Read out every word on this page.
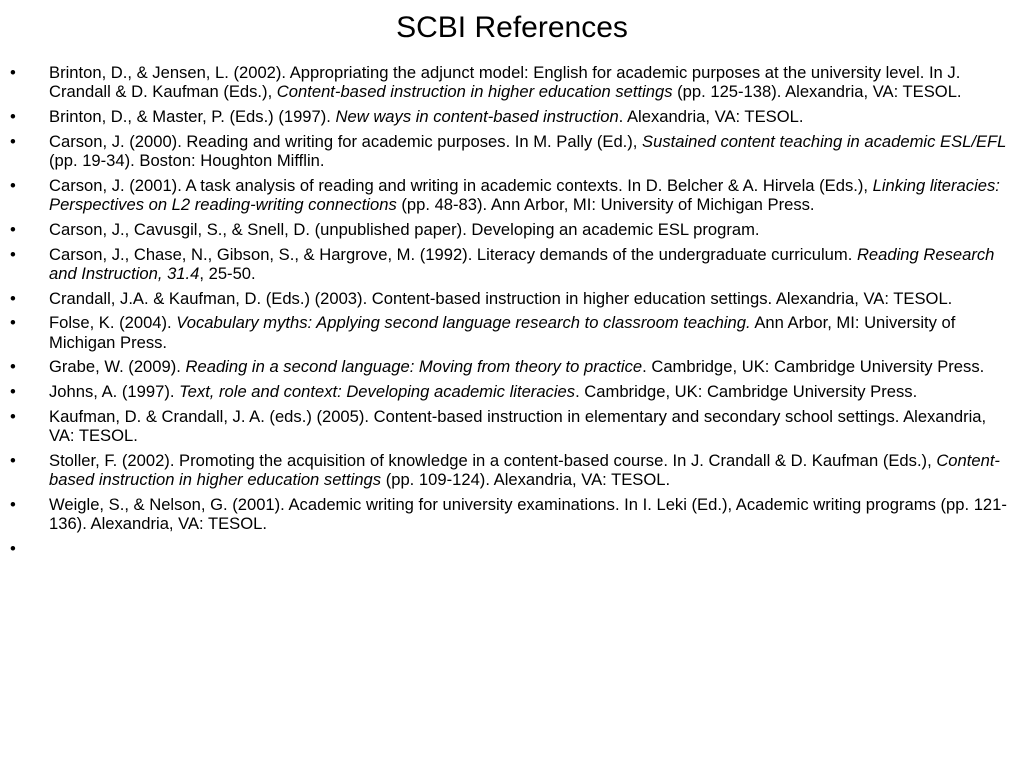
SCBI References
•	Brinton, D., & Jensen, L. (2002). Appropriating the adjunct model: English for academic purposes at the university level. In J. Crandall & D. Kaufman (Eds.), Content-based instruction in higher education settings (pp. 125-138). Alexandria, VA: TESOL.
•	Brinton, D., & Master, P. (Eds.) (1997). New ways in content-based instruction. Alexandria, VA: TESOL.
•	Carson, J. (2000). Reading and writing for academic purposes. In M. Pally (Ed.), Sustained content teaching in academic ESL/EFL (pp. 19-34). Boston: Houghton Mifflin.
•	Carson, J. (2001). A task analysis of reading and writing in academic contexts. In D. Belcher & A. Hirvela (Eds.), Linking literacies: Perspectives on L2 reading-writing connections (pp. 48-83). Ann Arbor, MI: University of Michigan Press.
•	Carson, J., Cavusgil, S., & Snell, D. (unpublished paper). Developing an academic ESL program.
•	Carson, J., Chase, N., Gibson, S., & Hargrove, M. (1992). Literacy demands of the undergraduate curriculum. Reading Research and Instruction, 31.4, 25-50.
•	Crandall, J.A. & Kaufman, D. (Eds.) (2003). Content-based instruction in higher education settings. Alexandria, VA: TESOL.
•	Folse, K. (2004). Vocabulary myths: Applying second language research to classroom teaching. Ann Arbor, MI: University of Michigan Press.
•	Grabe, W. (2009). Reading in a second language: Moving from theory to practice. Cambridge, UK: Cambridge University Press.
•	Johns, A. (1997). Text, role and context: Developing academic literacies. Cambridge, UK: Cambridge University Press.
•	Kaufman, D. & Crandall, J. A. (eds.) (2005). Content-based instruction in elementary and secondary school settings. Alexandria, VA: TESOL.
•	Stoller, F. (2002). Promoting the acquisition of knowledge in a content-based course. In J. Crandall & D. Kaufman (Eds.), Content-based instruction in higher education settings (pp. 109-124). Alexandria, VA: TESOL.
•	Weigle, S., & Nelson, G. (2001). Academic writing for university examinations. In I. Leki (Ed.), Academic writing programs (pp. 121-136). Alexandria, VA: TESOL.
•
